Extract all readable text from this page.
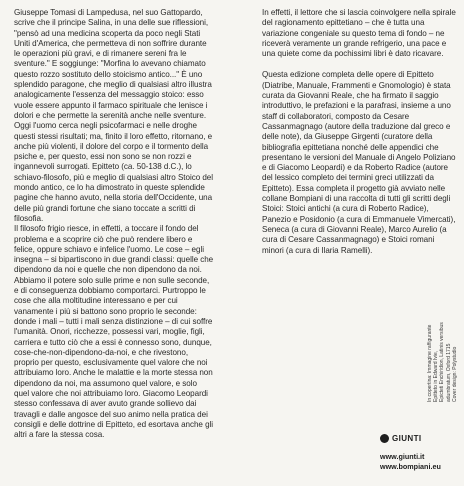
Giuseppe Tomasi di Lampedusa, nel suo Gattopardo, scrive che il principe Salina, in una delle sue riflessioni, "pensò ad una medicina scoperta da poco negli Stati Uniti d'America, che permetteva di non soffrire durante le operazioni più gravi, e di rimanere sereni fra le sventure." E soggiunge: "Morfina lo avevano chiamato questo rozzo sostituto dello stoicismo antico..." È uno splendido paragone, che meglio di qualsiasi altro illustra analogicamente l'essenza del messaggio stoico: esso vuole essere appunto il farmaco spirituale che lenisce i dolori e che permette la serenità anche nelle sventure. Oggi l'uomo cerca negli psicofarmaci e nelle droghe questi stessi risultati; ma, finito il loro effetto, ritornano, e anche più violenti, il dolore del corpo e il tormento della psiche e, per questo, essi non sono se non rozzi e ingannevoli surrogati. Epitteto (ca. 50-138 d.C.), lo schiavo-filosofo, più e meglio di qualsiasi altro Stoico del mondo antico, ce lo ha dimostrato in queste splendide pagine che hanno avuto, nella storia dell'Occidente, una delle più grandi fortune che siano toccate a scritti di filosofia.

Il filosofo frigio riesce, in effetti, a toccare il fondo del problema e a scoprire ciò che può rendere libero e felice, oppure schiavo e infelice l'uomo. Le cose – egli insegna – si bipartiscono in due grandi classi: quelle che dipendono da noi e quelle che non dipendono da noi. Abbiamo il potere solo sulle prime e non sulle seconde, e di conseguenza dobbiamo comportarci. Purtroppo le cose che alla moltitudine interessano e per cui vanamente i più si battono sono proprio le seconde: donde i mali – tutti i mali senza distinzione – di cui soffre l'umanità. Onori, ricchezze, possessi vari, moglie, figli, carriera e tutto ciò che a essi è connesso sono, dunque, cose-che-non-dipendono-da-noi, e che rivestono, proprio per questo, esclusivamente quel valore che noi attribuiamo loro. Anche le malattie e la morte stessa non dipendono da noi, ma assumono quel valore, e solo quel valore che noi attribuiamo loro. Giacomo Leopardi stesso confessava di aver avuto grande sollievo dai travagli e dalle angosce del suo animo nella pratica dei consigli e delle dottrine di Epitteto, ed esortava anche gli altri a fare la stessa cosa.

In effetti, il lettore che si lascia coinvolgere nella spirale del ragionamento epittetiano – che è tutta una variazione congeniale su questo tema di fondo – ne riceverà veramente un grande refrigerio, una pace e una quiete come da pochissimi libri è dato ricavare.

Questa edizione completa delle opere di Epitteto (Diatribe, Manuale, Frammenti e Gnomologio) è stata curata da Giovanni Reale, che ha firmato il saggio introduttivo, le prefazioni e la parafrasi, insieme a uno staff di collaboratori, composto da Cesare Cassanmagnago (autore della traduzione dal greco e delle note), da Giuseppe Girgenti (curatore della bibliografia epittetiana nonché delle appendici che presentano le versioni del Manuale di Angelo Poliziano e di Giacomo Leopardi) e da Roberto Radice (autore del lessico completo dei termini greci utilizzati da Epitteto). Essa completa il progetto già avviato nelle collane Bompiani di una raccolta di tutti gli scritti degli Stoici: Stoici antichi (a cura di Roberto Radice), Panezio e Posidonio (a cura di Emmanuele Vimercati), Seneca (a cura di Giovanni Reale), Marco Aurelio (a cura di Cesare Cassanmagnago) e Stoici romani minori (a cura di Ilaria Ramelli).

In copertina: Immagine raffigurante Epitteto in Edward Ivie, Epicteti Enchiridion, Latinis versibus adumbratum, Oxford 1715 Cover design: Polystudio
GIUNTI
www.giunti.it
www.bompiani.eu
